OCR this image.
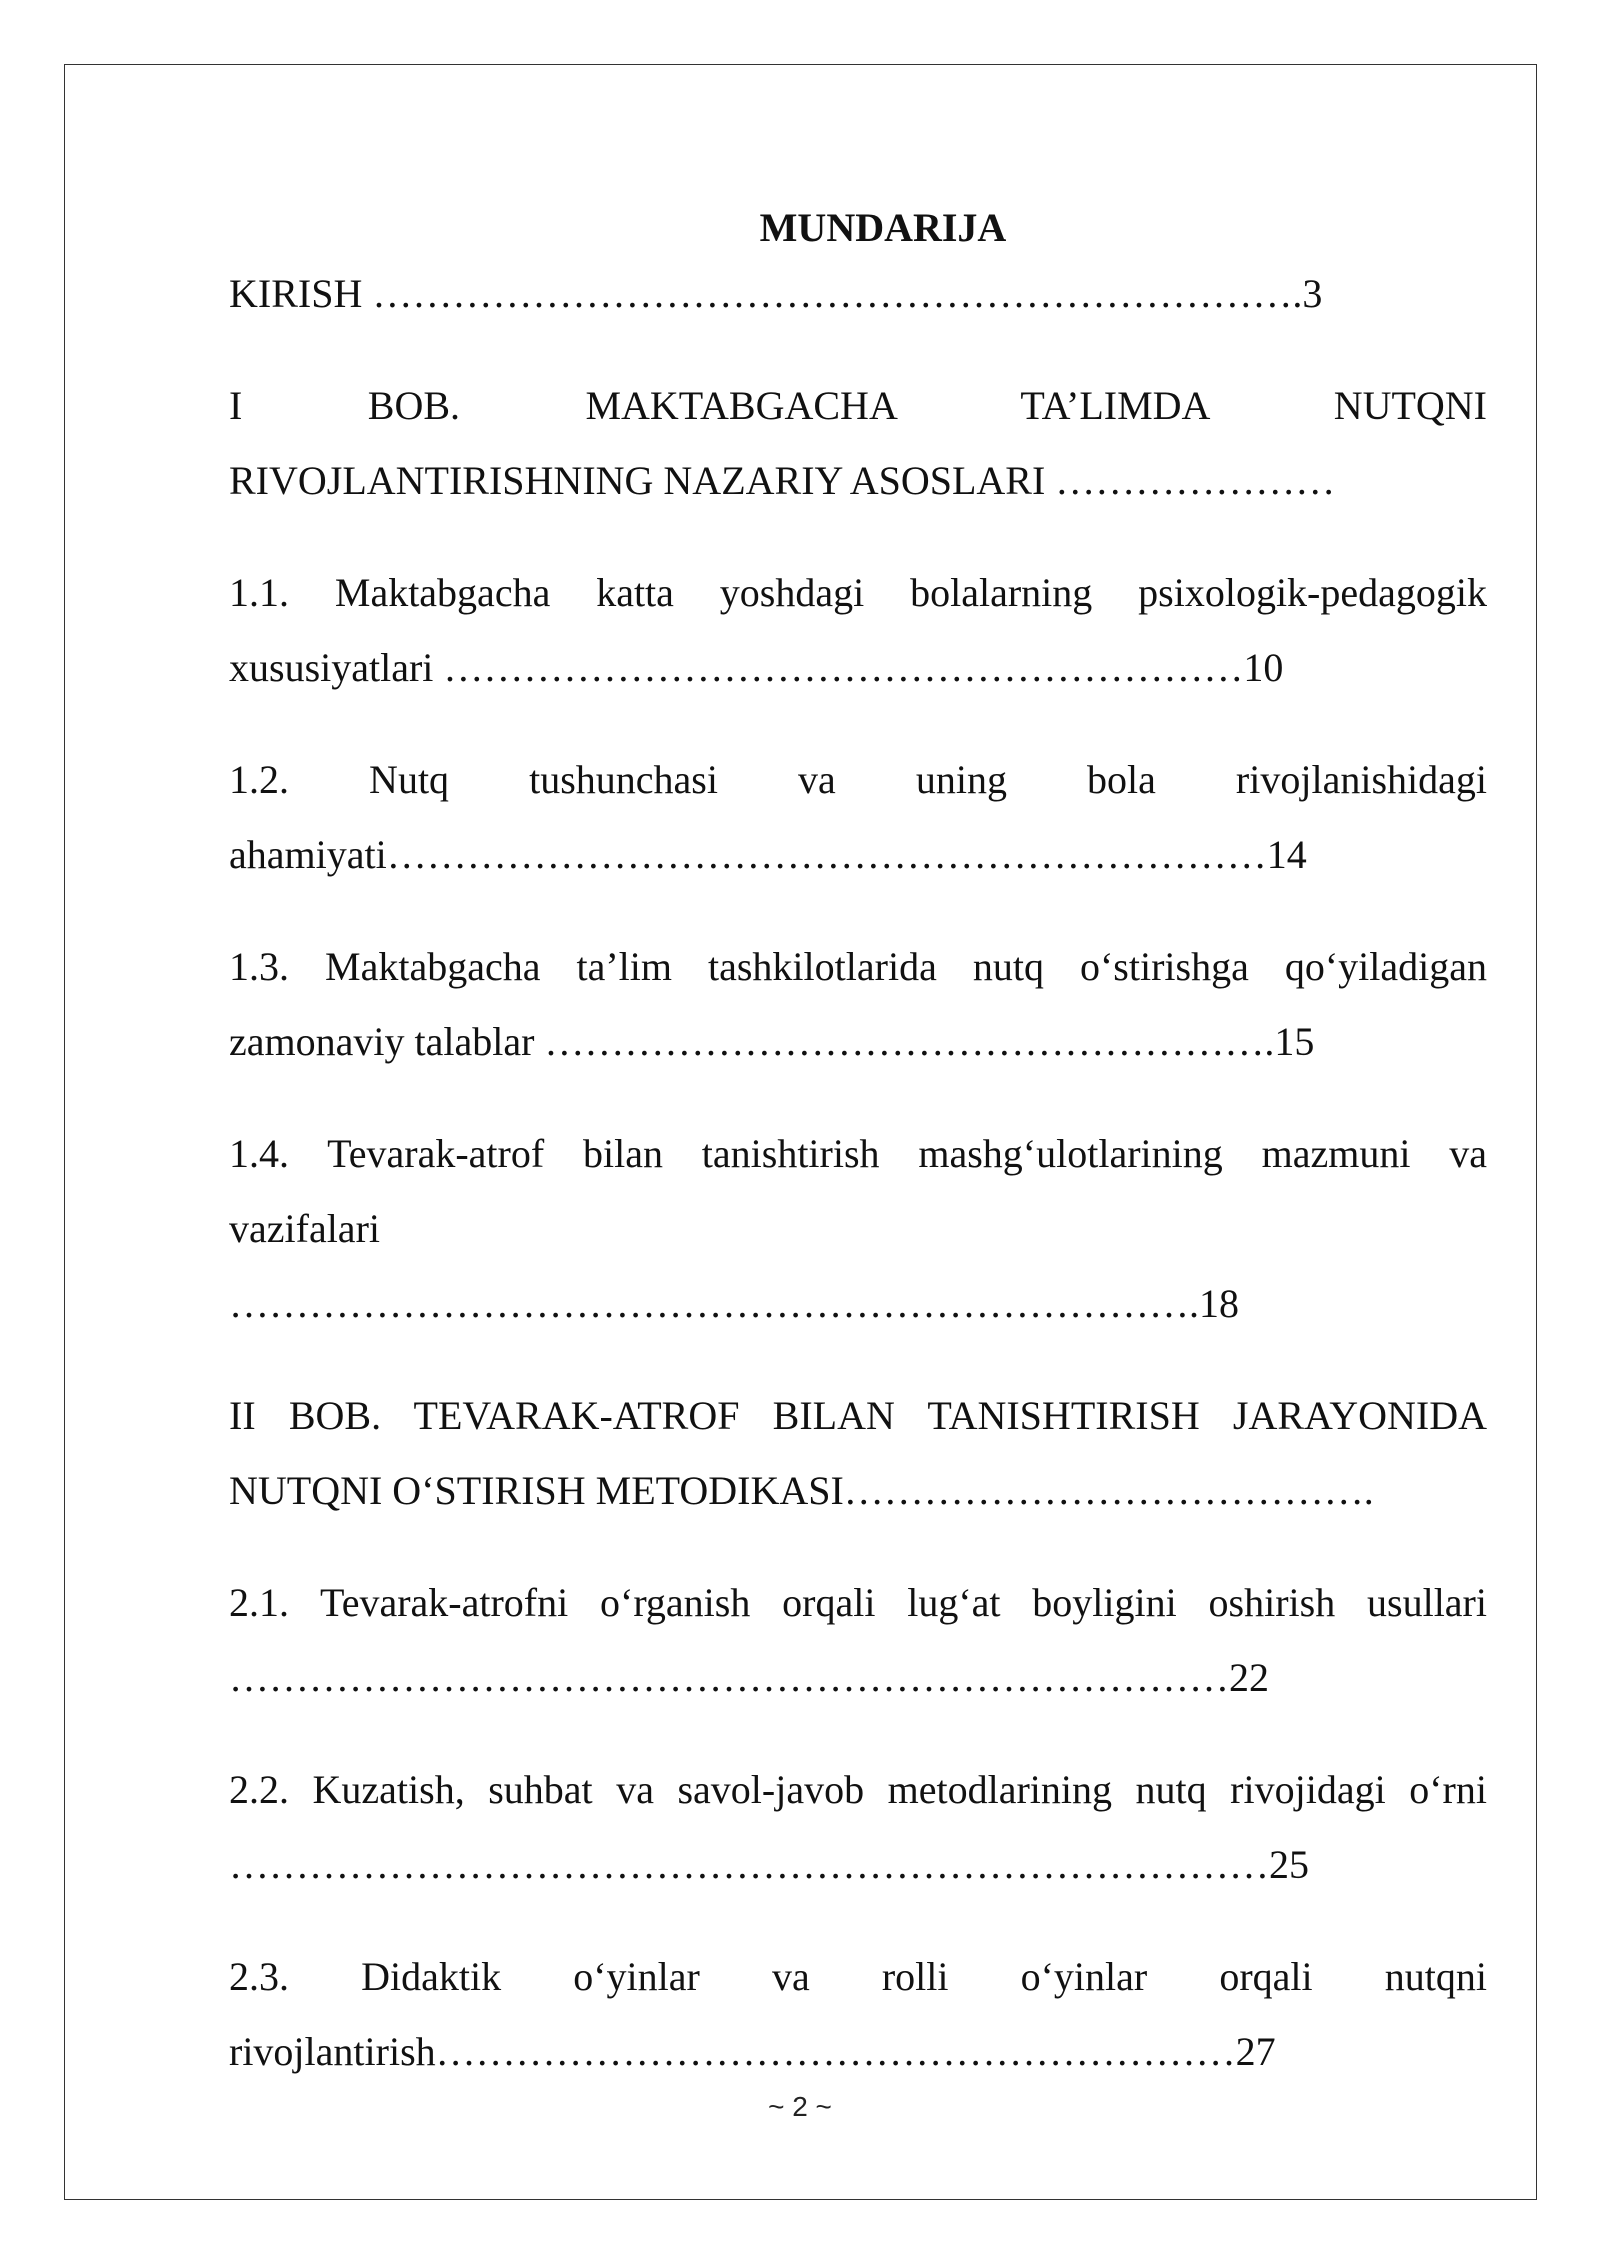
MUNDARIJA

KIRISH …………………………………………………………….3

I BOB. MAKTABGACHA TA’LIMDA NUTQNI

RIVOJLANTIRISHNING NAZARIY ASOSLARI …………………

1.1. Maktabgacha katta yoshdagi bolalarning psixologik-pedagogik

xususiyatlari ……………………………………………………10

1.2. Nutq tushunchasi va uning bola rivojlanishidagi

ahamiyati…………………………………………………………14

1.3. Maktabgacha ta’lim tashkilotlarida nutq o‘stirishga qo‘yiladigan

zamonaviy talablar ……………………………………………….15

1.4. Tevarak-atrof bilan tanishtirish mashg‘ulotlarining mazmuni va

vazifalari

……………………………………………………………….18

II BOB. TEVARAK-ATROF BILAN TANISHTIRISH JARAYONIDA

NUTQNI O‘STIRISH METODIKASI………………………………….

2.1. Tevarak-atrofni o‘rganish orqali lug‘at boyligini oshirish usullari

…………………………………………………………………22

2.2. Kuzatish, suhbat va savol-javob metodlarining nutq rivojidagi o‘rni

……………………………………………………………………25

2.3. Didaktik o‘yinlar va rolli o‘yinlar orqali nutqni

rivojlantirish……………………………………………………27

~ 2 ~
